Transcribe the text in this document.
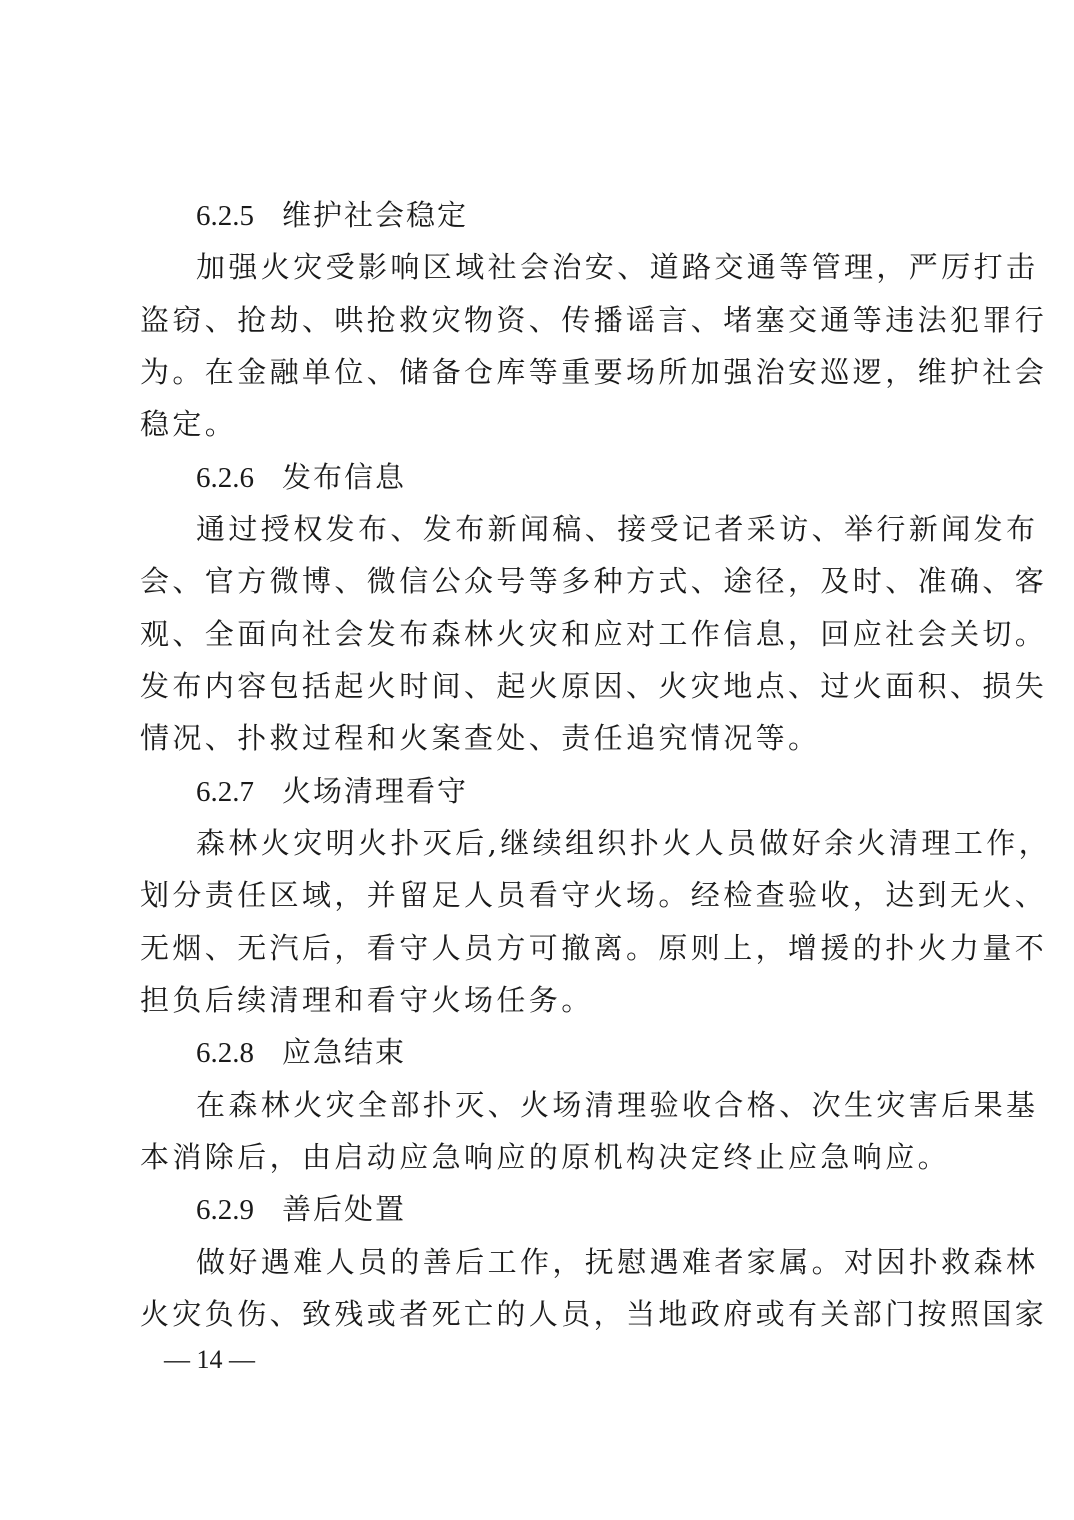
6.2.5 维护社会稳定
加强火灾受影响区域社会治安、道路交通等管理，严厉打击
盗窃、抢劫、哄抢救灾物资、传播谣言、堵塞交通等违法犯罪行
为。在金融单位、储备仓库等重要场所加强治安巡逻，维护社会
稳定。
6.2.6 发布信息
通过授权发布、发布新闻稿、接受记者采访、举行新闻发布
会、官方微博、微信公众号等多种方式、途径，及时、准确、客
观、全面向社会发布森林火灾和应对工作信息，回应社会关切。
发布内容包括起火时间、起火原因、火灾地点、过火面积、损失
情况、扑救过程和火案查处、责任追究情况等。
6.2.7 火场清理看守
森林火灾明火扑灭后,继续组织扑火人员做好余火清理工作，
划分责任区域，并留足人员看守火场。经检查验收，达到无火、
无烟、无汽后，看守人员方可撤离。原则上，增援的扑火力量不
担负后续清理和看守火场任务。
6.2.8 应急结束
在森林火灾全部扑灭、火场清理验收合格、次生灾害后果基
本消除后，由启动应急响应的原机构决定终止应急响应。
6.2.9 善后处置
做好遇难人员的善后工作，抚慰遇难者家属。对因扑救森林
火灾负伤、致残或者死亡的人员，当地政府或有关部门按照国家
— 14 —
